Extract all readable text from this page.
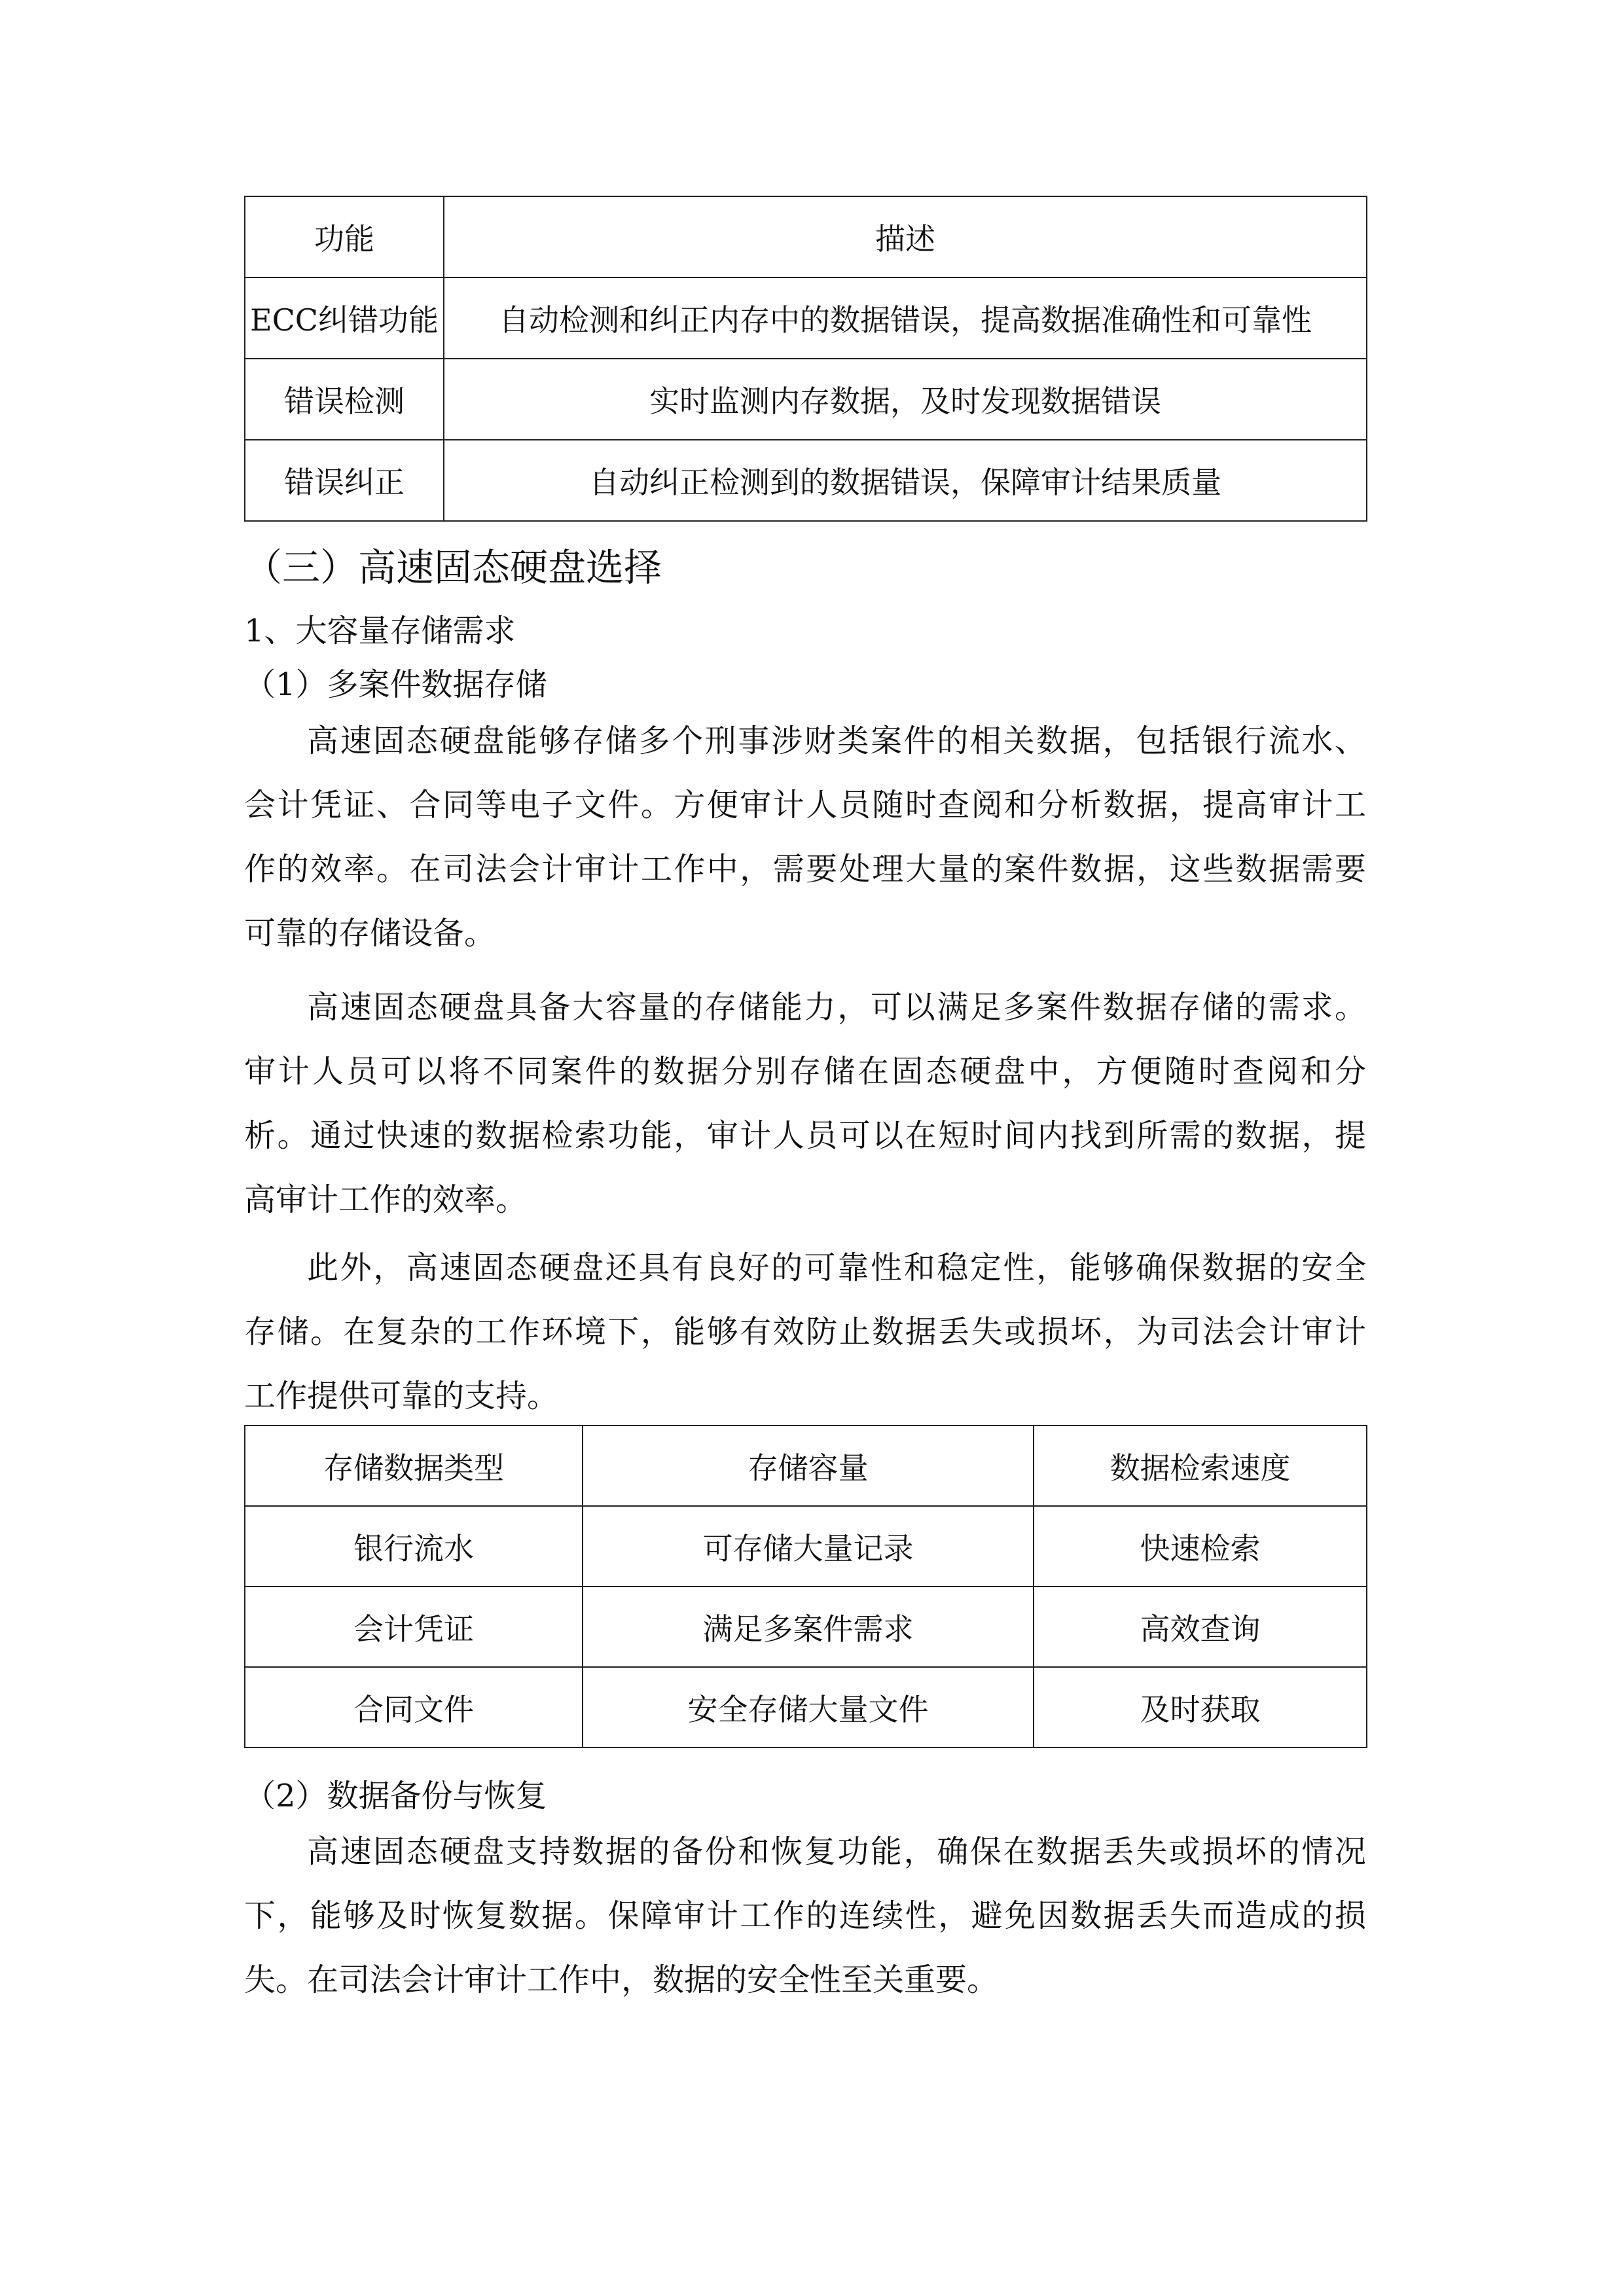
功能	描述
ECC纠错功能	自动检测和纠正内存中的数据错误，提高数据准确性和可靠性
错误检测	实时监测内存数据，及时发现数据错误
错误纠正	自动纠正检测到的数据错误，保障审计结果质量
（三）高速固态硬盘选择
1、大容量存储需求
（1）多案件数据存储
高速固态硬盘能够存储多个刑事涉财类案件的相关数据，包括银行流水、
会计凭证、合同等电子文件。方便审计人员随时查阅和分析数据，提高审计工
作的效率。在司法会计审计工作中，需要处理大量的案件数据，这些数据需要
可靠的存储设备。
高速固态硬盘具备大容量的存储能力，可以满足多案件数据存储的需求。
审计人员可以将不同案件的数据分别存储在固态硬盘中，方便随时查阅和分
析。通过快速的数据检索功能，审计人员可以在短时间内找到所需的数据，提
高审计工作的效率。
此外，高速固态硬盘还具有良好的可靠性和稳定性，能够确保数据的安全
存储。在复杂的工作环境下，能够有效防止数据丢失或损坏，为司法会计审计
工作提供可靠的支持。
存储数据类型	存储容量	数据检索速度
银行流水	可存储大量记录	快速检索
会计凭证	满足多案件需求	高效查询
合同文件	安全存储大量文件	及时获取
（2）数据备份与恢复
高速固态硬盘支持数据的备份和恢复功能，确保在数据丢失或损坏的情况
下，能够及时恢复数据。保障审计工作的连续性，避免因数据丢失而造成的损
失。在司法会计审计工作中，数据的安全性至关重要。
